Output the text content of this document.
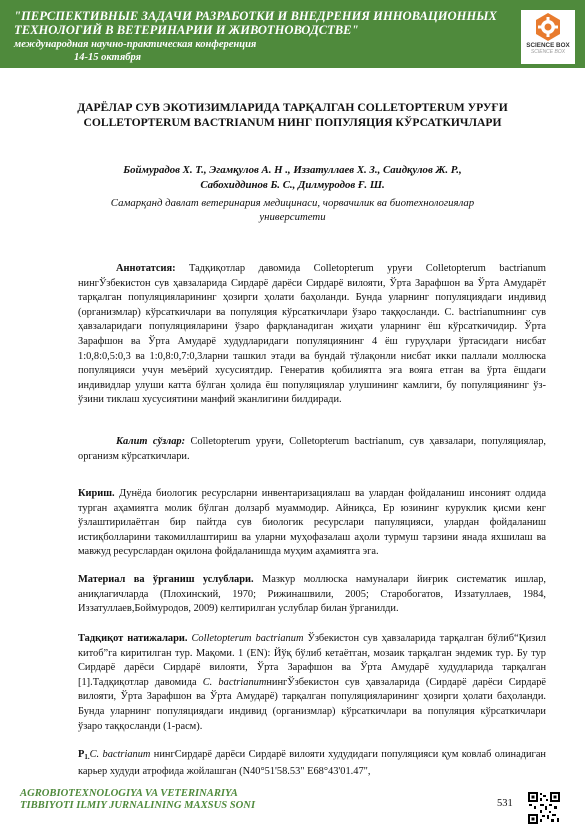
"ПЕРСПЕКТИВНЫЕ ЗАДАЧИ РАЗРАБОТКИ И ВНЕДРЕНИЯ ИННОВАЦИОННЫХ
ТЕХНОЛОГИЙ В ВЕТЕРИНАРИИ И ЖИВОТНОВОДСТВЕ"
международная научно-практическая конференция
14-15 октября
SCIENCE BOX
SCIENCE BOX
ДАРЁЛАР СУВ ЭКОТИЗИМЛАРИДА ТАРҚАЛГАН COLLETOPTERUM УРУҒИ
COLLETOPTERUM BACTRIANUM НИНГ ПОПУЛЯЦИЯ КЎРСАТКИЧЛАРИ
Боймурадов Х. Т., Эгамқулов А. Н ., Иззатуллаев Х. З., Саидқулов Ж. Р.,
Сабохиддинов Б. С., Дилмуродов Ғ. Ш.
Самарқанд давлат ветеринария медицинаси, чорвачилик ва биотехнологиялар
университети
Аннотатсия: Тадқиқотлар давомида Colletopterum уруғи Colletopterum bactrianum нингЎзбекистон сув ҳавзаларида Сирдарё дарёси Сирдарё вилояти, Ўрта Зарафшон ва Ўрта Амударёт тарқалган популяцияларининг ҳозирги ҳолати баҳоланди. Бунда уларнинг популяциядаги индивид (организмлар) кўрсаткичлари ва популяция кўрсаткичлари ўзаро таққосланди. C. bactrianumнинг сув ҳавзаларидаги популяцияларини ўзаро фарқланадиган жиҳати уларнинг ёш кўрсаткичидир. Ўрта Зарафшон ва Ўрта Амударё худудларидаги популяциянинг 4 ёш гуруҳлари ўртасидаги нисбат 1:0,8:0,5:0,3 ва 1:0,8:0,7:0,3ларни ташкил этади ва бундай тўлақонли нисбат икки паллали моллюска популяцияси учун меъёрий хусусиятдир. Генератив қобилиятга эга воягa етган ва ўрта ёшдаги индивидлар улуши катта бўлган ҳолида ёш популяциялар улушининг камлиги, бу популяциянинг ўз-ўзини тиклаш хусусиятини манфий эканлигини билдиради.
Калит сўзлар: Colletopterum уруғи, Colletopterum bactrianum, сув ҳавзалари, популяциялар, организм кўрсаткичлари.
Кириш. Дунёда биологик ресурсларни инвентаризациялаш ва улардан фойдаланиш инсоният олдида турган аҳамиятга молик бўлган долзарб муаммодир. Айниқса, Ер юзининг куруклик қисми кенг ўзлаштирилаётган бир пайтда сув биологик ресурслари папуляцияси, улардан фойдаланиш истиқболларини такомиллаштириш ва уларни муҳофазалаш аҳоли турмуш тарзини янада яхшилаш ва мавжуд ресурслардан оқилона фойдаланишда муҳим аҳамиятга эга.
Материал ва ўрганиш услублари. Мазкур моллюска намуналари йиғрик систематик ишлар, аниқлагичларда (Плохинский, 1970; Рижинашвили, 2005; Старобогатов, Иззатуллаев, 1984, Иззатуллаев,Боймуродов, 2009) келтирилган услублар билан ўрганилди.
Тадқиқот натижалари. Colletopterum bactrianum Ўзбекистон сув ҳавзаларида тарқалган бўлиб“Қизил китоб”га киритилган тур. Мақоми. 1 (EN): Йўқ бўлиб кетаётган, мозаик тарқалган эндемик тур. Бу тур Сирдарё дарёси Сирдарё вилояти, Ўрта Зарафшон ва Ўрта Амударё худудларида тарқалган [1].Тадқиқотлар давомида C. bactrianumнингЎзбекистон сув ҳавзаларида (Сирдарё дарёси Сирдарё вилояти, Ўрта Зарафшон ва Ўрта Амударё) тарқалган популяцияларининг ҳозирги ҳолати баҳоланди. Бунда уларнинг популяциядаги индивид (организмлар) кўрсаткичлари ва популяция кўрсаткичлари ўзаро таққосланди (1-расм).
$Р_{1.}C$. bactrianum нингСирдарё дарёси Сирдарё вилояти худудидаги популяцияси қум ковлаб олинадиган карьер худуди атрофида жойлашган (N40°51'58.53" E68°43'01.47",
AGROBIOTEXNOLOGIYA VA VETERINARIYA
TIBBIYOTI ILMIY JURNALINING MAXSUS SONI	531
